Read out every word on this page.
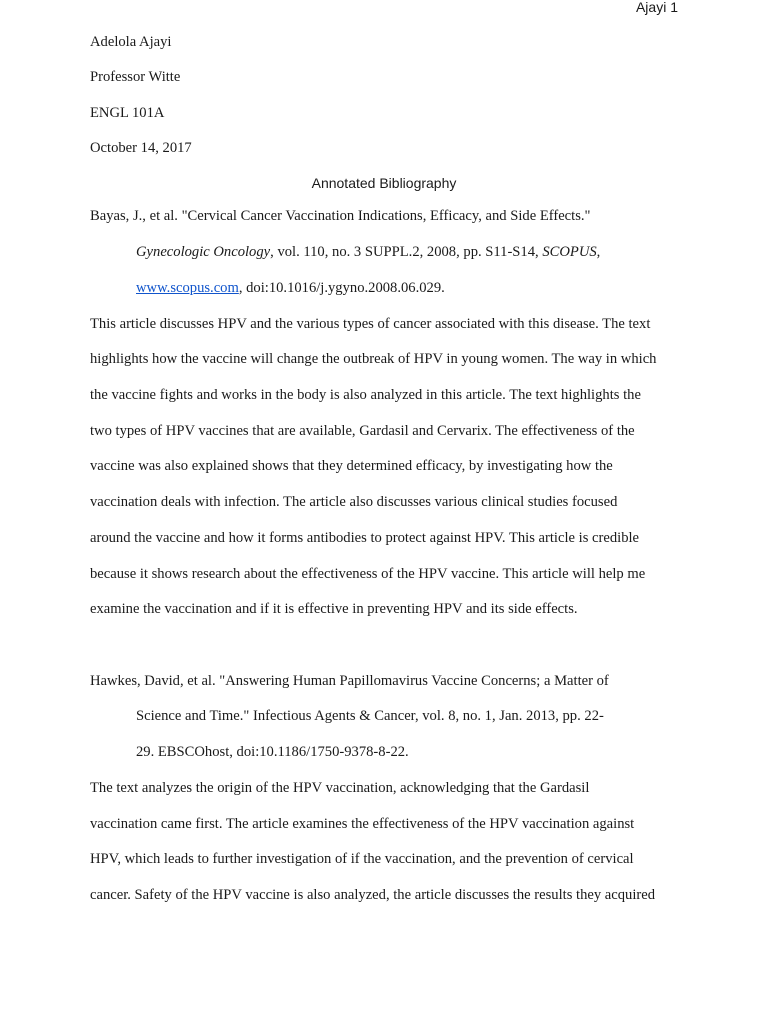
Ajayi 1
Adelola Ajayi
Professor Witte
ENGL 101A
October 14, 2017
Annotated Bibliography
Bayas, J., et al. "Cervical Cancer Vaccination Indications, Efficacy, and Side Effects."
Gynecologic Oncology, vol. 110, no. 3 SUPPL.2, 2008, pp. S11-S14, SCOPUS,
www.scopus.com, doi:10.1016/j.ygyno.2008.06.029.
This article discusses HPV and the various types of cancer associated with this disease. The text
highlights how the vaccine will change the outbreak of HPV in young women. The way in which
the vaccine fights and works in the body is also analyzed in this article. The text highlights the
two types of HPV vaccines that are available, Gardasil and Cervarix. The effectiveness of the
vaccine was also explained shows that they determined efficacy, by investigating how the
vaccination deals with infection. The article also discusses various clinical studies focused
around the vaccine and how it forms antibodies to protect against HPV. This article is credible
because it shows research about the effectiveness of the HPV vaccine. This article will help me
examine the vaccination and if it is effective in preventing HPV and its side effects.
Hawkes, David, et al. "Answering Human Papillomavirus Vaccine Concerns; a Matter of
Science and Time." Infectious Agents & Cancer, vol. 8, no. 1, Jan. 2013, pp. 22-
29. EBSCOhost, doi:10.1186/1750-9378-8-22.
The text analyzes the origin of the HPV vaccination, acknowledging that the Gardasil
vaccination came first. The article examines the effectiveness of the HPV vaccination against
HPV, which leads to further investigation of if the vaccination, and the prevention of cervical
cancer. Safety of the HPV vaccine is also analyzed, the article discusses the results they acquired
